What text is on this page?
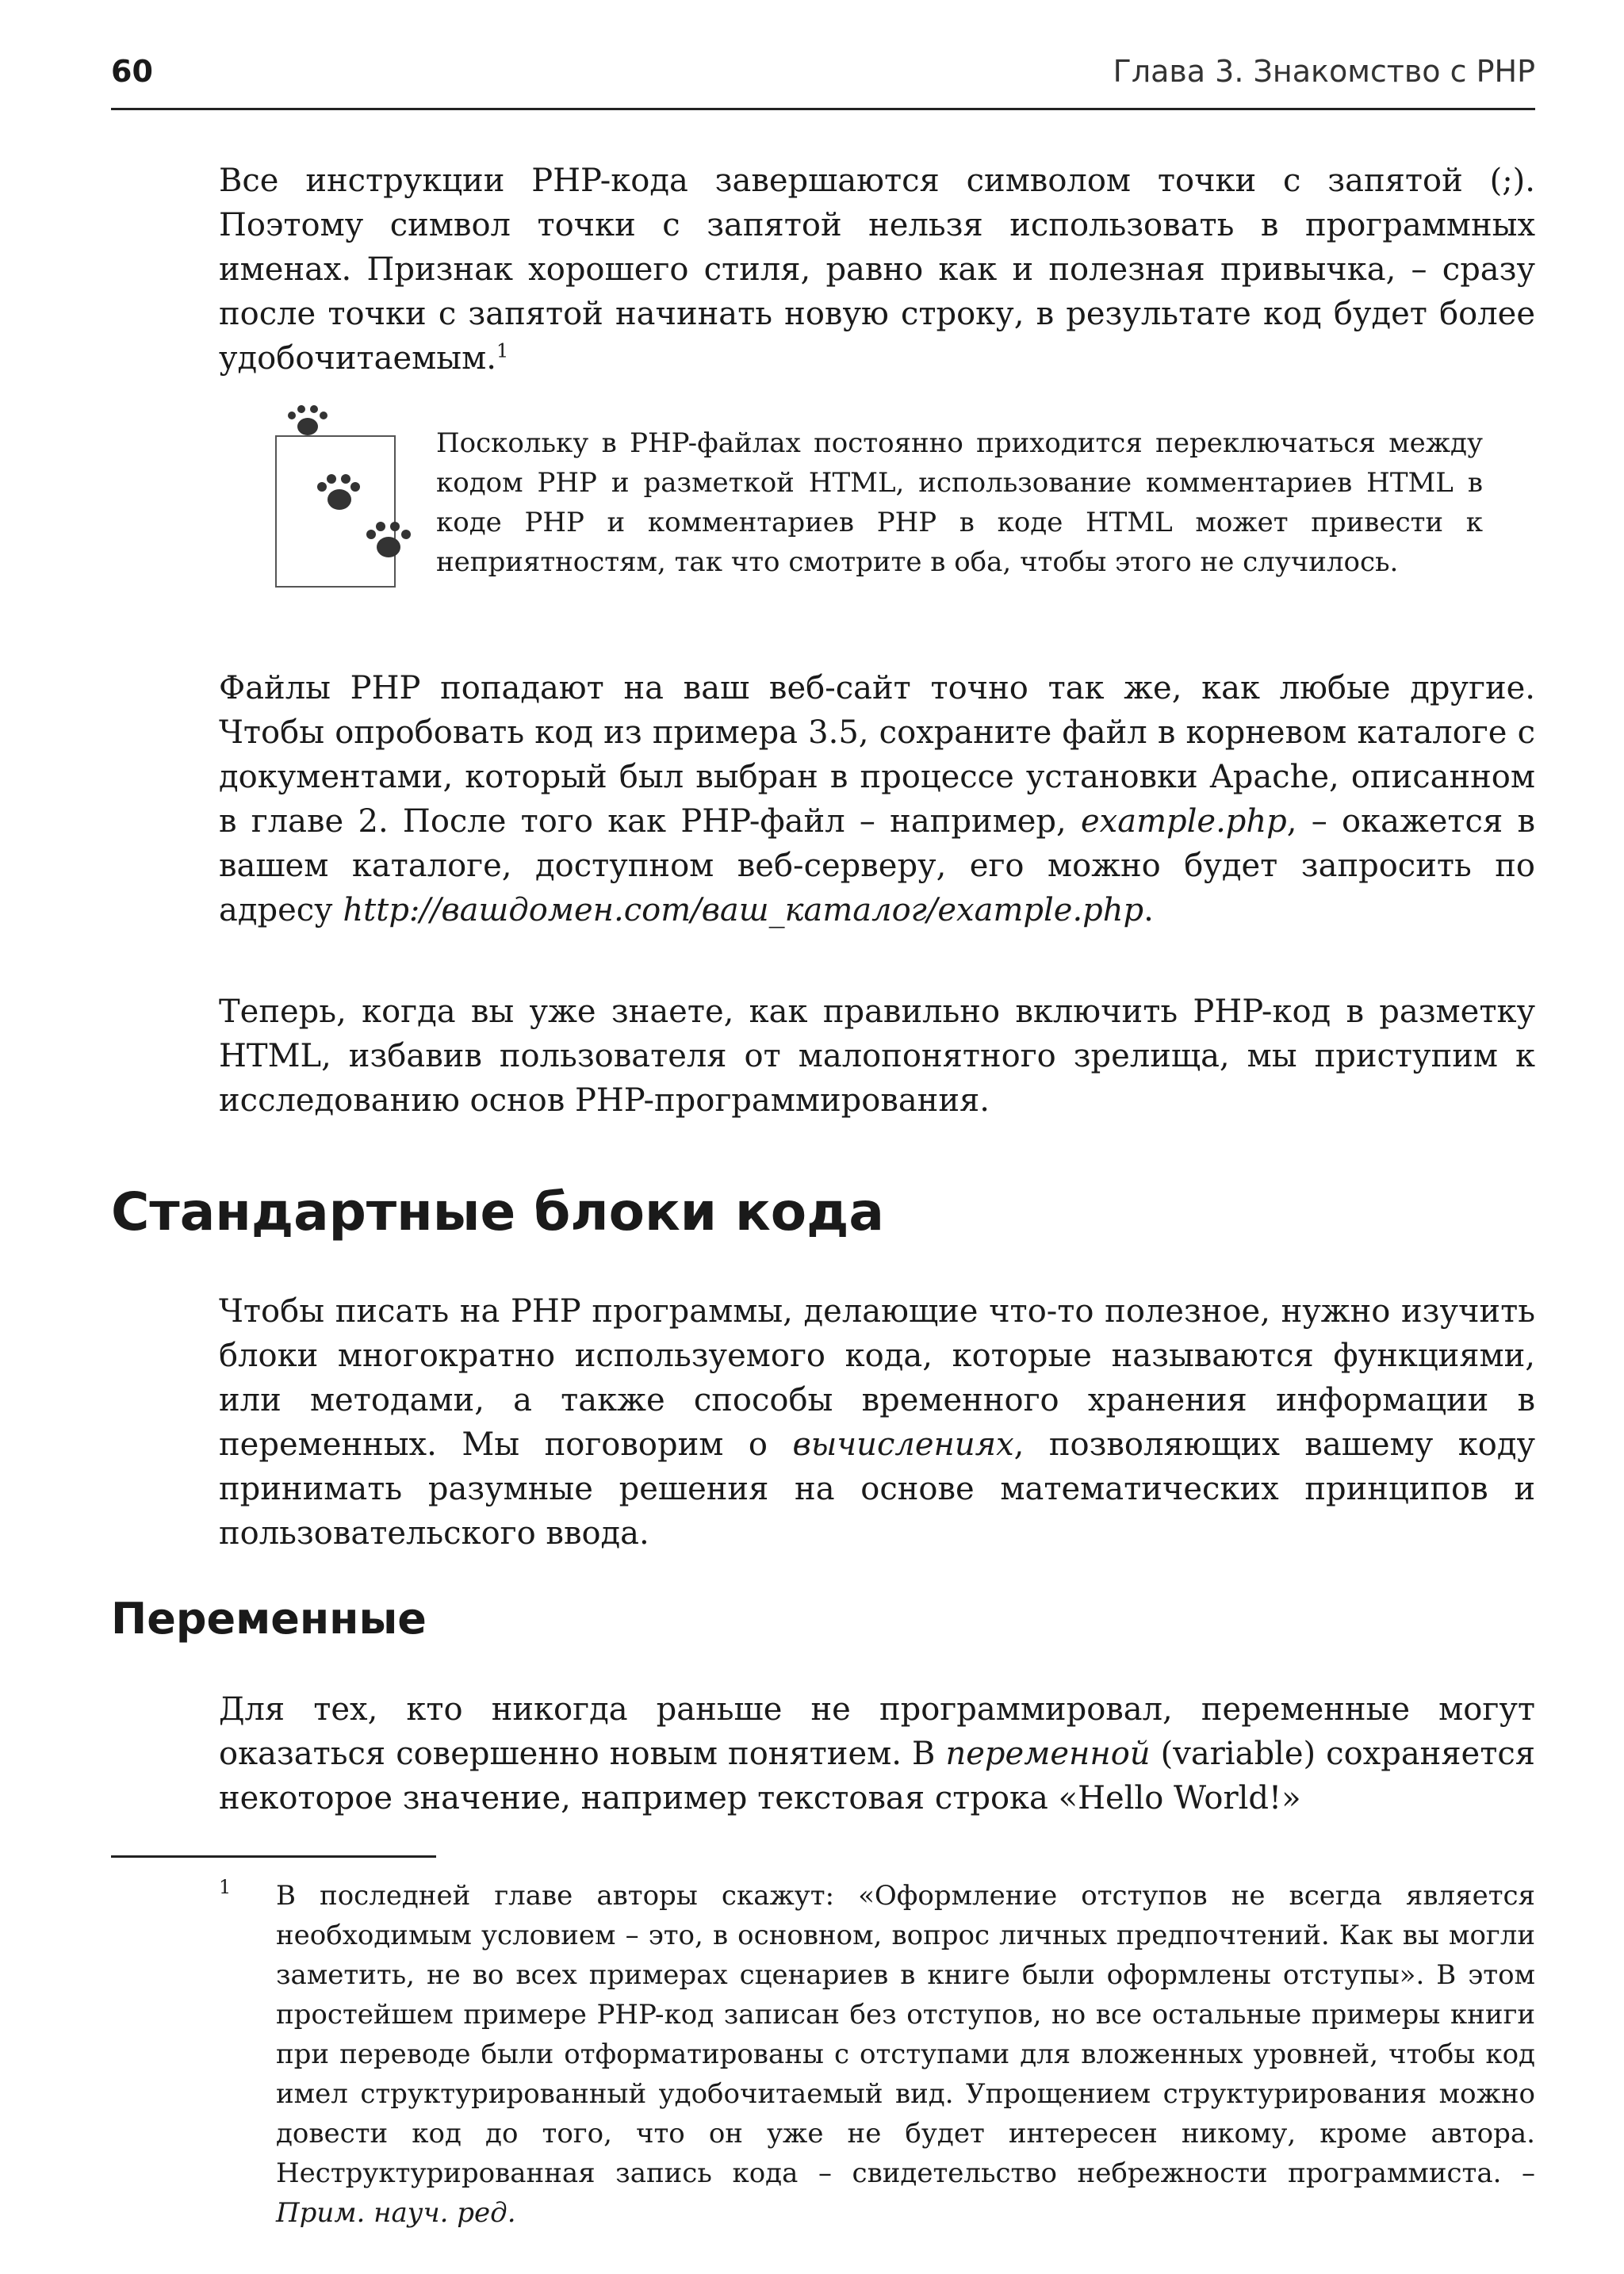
60	Глава 3. Знакомство с PHP

Все инструкции PHP-кода завершаются символом точки с запятой (;). Поэтому символ точки с запятой нельзя использовать в программных именах. Признак хорошего стиля, равно как и полезная привычка, – сразу после точки с запятой начинать новую строку, в результате код будет более удобочитаемым.$^1$

Поскольку в PHP-файлах постоянно приходится переключаться между кодом PHP и разметкой HTML, использование комментариев HTML в коде PHP и комментариев PHP в коде HTML может привести к неприятностям, так что смотрите в оба, чтобы этого не случилось.

Файлы PHP попадают на ваш веб-сайт точно так же, как любые другие. Чтобы опробовать код из примера 3.5, сохраните файл в корневом каталоге с документами, который был выбран в процессе установки Apache, описанном в главе 2. После того как PHP-файл – например, example.php, – окажется в вашем каталоге, доступном веб-серверу, его можно будет запросить по адресу http://вашдомен.com/ваш_каталог/example.php.

Теперь, когда вы уже знаете, как правильно включить PHP-код в разметку HTML, избавив пользователя от малопонятного зрелища, мы приступим к исследованию основ PHP-программирования.

Стандартные блоки кода

Чтобы писать на PHP программы, делающие что-то полезное, нужно изучить блоки многократно используемого кода, которые называются функциями, или методами, а также способы временного хранения информации в переменных. Мы поговорим о вычислениях, позволяющих вашему коду принимать разумные решения на основе математических принципов и пользовательского ввода.

Переменные

Для тех, кто никогда раньше не программировал, переменные могут оказаться совершенно новым понятием. В переменной (variable) сохраняется некоторое значение, например текстовая строка «Hello World!»

1 В последней главе авторы скажут: «Оформление отступов не всегда является необходимым условием – это, в основном, вопрос личных предпочтений. Как вы могли заметить, не во всех примерах сценариев в книге были оформлены отступы». В этом простейшем примере PHP-код записан без отступов, но все остальные примеры книги при переводе были отформатированы с отступами для вложенных уровней, чтобы код имел структурированный удобочитаемый вид. Упрощением структурирования можно довести код до того, что он уже не будет интересен никому, кроме автора. Неструктурированная запись кода – свидетельство небрежности программиста. – Прим. науч. ред.
